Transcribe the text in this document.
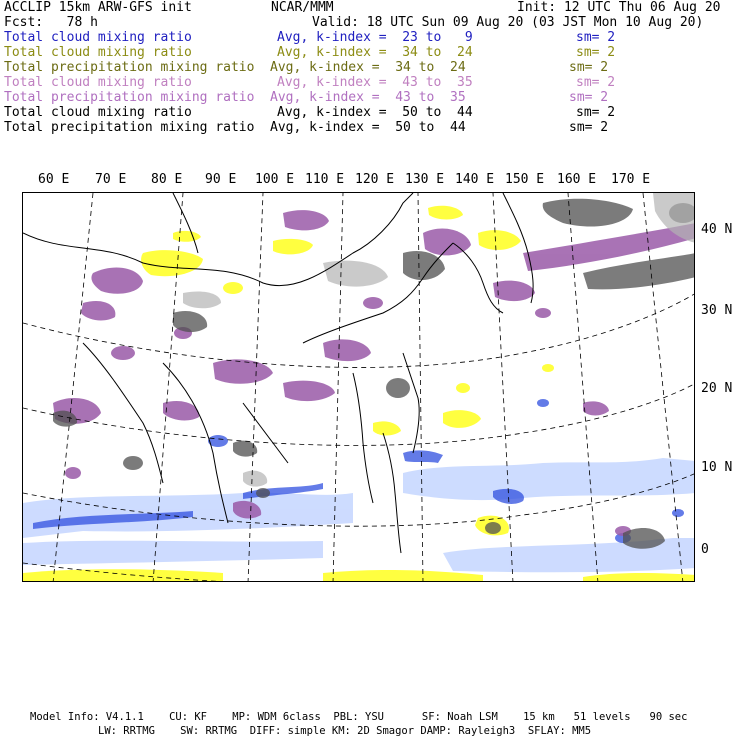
ACCLIP 15km ARW-GFS init	NCAR/MMM	Init: 12 UTC Thu 06 Aug 20
Fcst:   78 h	Valid: 18 UTC Sun 09 Aug 20 (03 JST Mon 10 Aug 20)
Total cloud mixing ratio	Avg, k-index =  23 to   9	sm= 2
Total cloud mixing ratio	Avg, k-index =  34 to  24	sm= 2
Total precipitation mixing ratio Avg, k-index =  34 to  24	sm= 2
Total cloud mixing ratio	Avg, k-index =  43 to  35	sm= 2
Total precipitation mixing ratio Avg, k-index =  43 to  35	sm= 2
Total cloud mixing ratio	Avg, k-index =  50 to  44	sm= 2
Total precipitation mixing ratio Avg, k-index =  50 to  44	sm= 2
60 E 70 E 80 E 90 E 100 E 110 E 120 E 130 E 140 E 150 E 160 E 170 E
40 N
30 N
20 N
10 N
0
Model Info: V4.1.1    CU: KF    MP: WDM 6class  PBL: YSU      SF: Noah LSM    15 km   51 levels   90 sec
LW: RRTMG    SW: RRTMG  DIFF: simple KM: 2D Smagor DAMP: Rayleigh3  SFLAY: MM5
